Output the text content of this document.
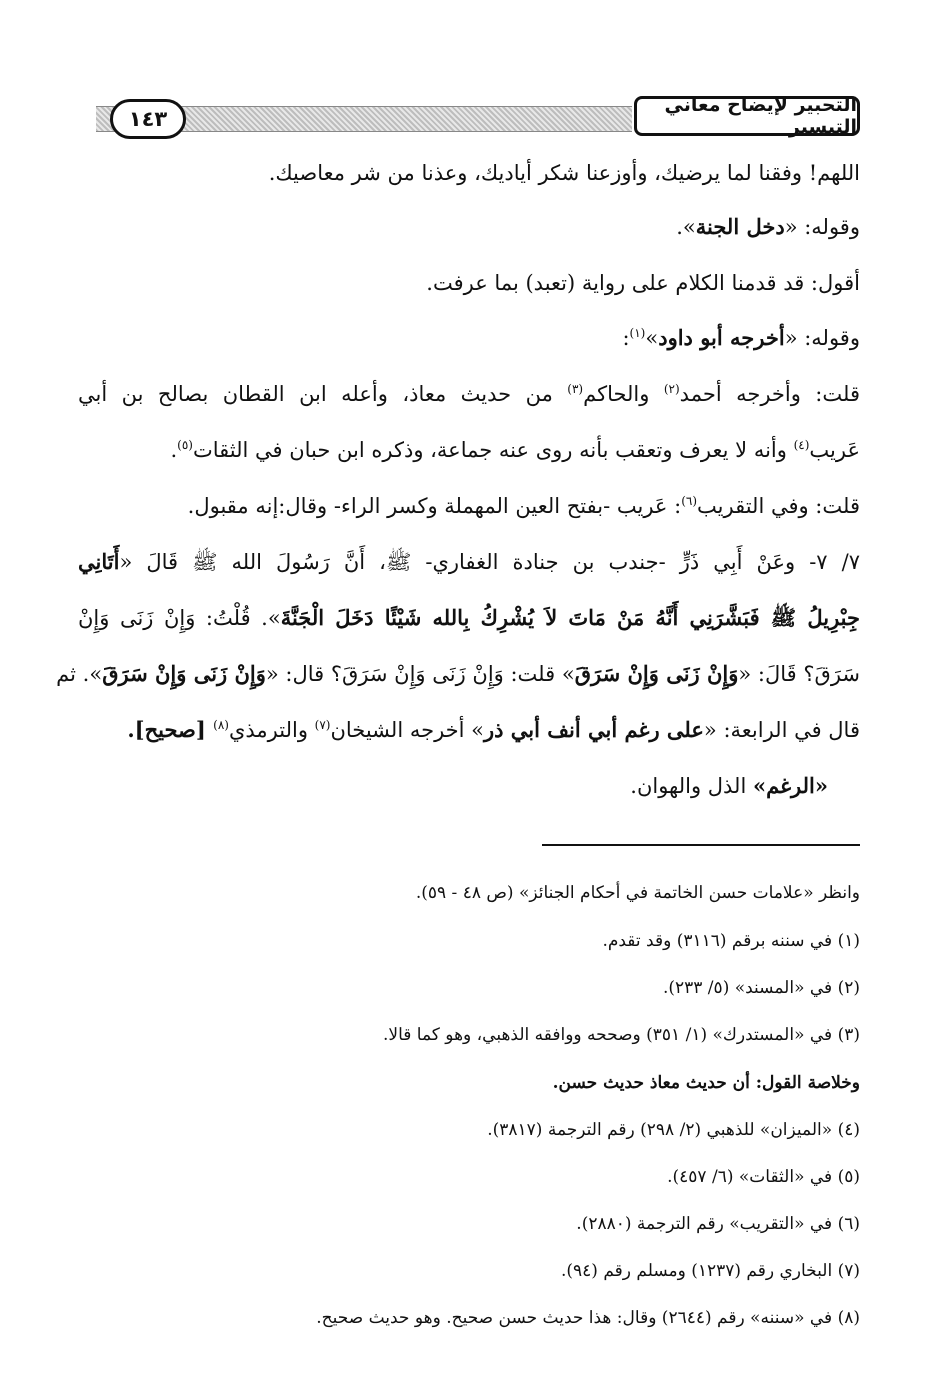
١٤٣
التحبير لإيضاح معاني التيسير
اللهم! وفقنا لما يرضيك، وأوزعنا شكر أياديك، وعذنا من شر معاصيك.
وقوله: «دخل الجنة».
أقول: قد قدمنا الكلام على رواية (تعبد) بما عرفت.
وقوله: «أخرجه أبو داود»$^{(١)}$:
قلت: وأخرجه أحمد$^{(٢)}$ والحاكم$^{(٣)}$ من حديث معاذ، وأعله ابن القطان بصالح بن أبي
عَريب$^{(٤)}$ وأنه لا يعرف وتعقب بأنه روى عنه جماعة، وذكره ابن حبان في الثقات$^{(٥)}$.
قلت: وفي التقريب$^{(٦)}$: عَريب -بفتح العين المهملة وكسر الراء- وقال:إنه مقبول.
٧/ ٧- وعَنْ أَبِي ذَرٍّ -جندب بن جنادة الغفاري- ﷺ، أَنَّ رَسُولَ الله ﷺ قَالَ «أَتَانِي
جِبْرِيلُ ﷺ فَبَشَّرَنِي أَنَّهُ مَنْ مَاتَ لاَ يُشْرِكُ بِالله شَيْئًا دَخَلَ الْجَنَّةَ». قُلْتُ: وَإِنْ زَنَى وَإِنْ
سَرَقَ؟ قَالَ: «وَإِنْ زَنَى وَإِنْ سَرَقَ» قلت: وَإِنْ زَنَى وَإِنْ سَرَقَ؟ قال: «وَإِنْ زَنَى وَإِنْ سَرَقَ». ثم
قال في الرابعة: «على رغم أبي أنف أبي ذر» أخرجه الشيخان$^{(٧)}$ والترمذي$^{(٨)}$ [صحيح].
«الرغم» الذل والهوان.
وانظر «علامات حسن الخاتمة في أحكام الجنائز» (ص ٤٨ - ٥٩).
(١) في سننه برقم (٣١١٦) وقد تقدم.
(٢) في «المسند» (٥/ ٢٣٣).
(٣) في «المستدرك» (١/ ٣٥١) وصححه ووافقه الذهبي، وهو كما قالا.
وخلاصة القول: أن حديث معاذ حديث حسن.
(٤) «الميزان» للذهبي (٢/ ٢٩٨) رقم الترجمة (٣٨١٧).
(٥) في «الثقات» (٦/ ٤٥٧).
(٦) في «التقريب» رقم الترجمة (٢٨٨٠).
(٧) البخاري رقم (١٢٣٧) ومسلم رقم (٩٤).
(٨) في «سننه» رقم (٢٦٤٤) وقال: هذا حديث حسن صحيح. وهو حديث صحيح.
